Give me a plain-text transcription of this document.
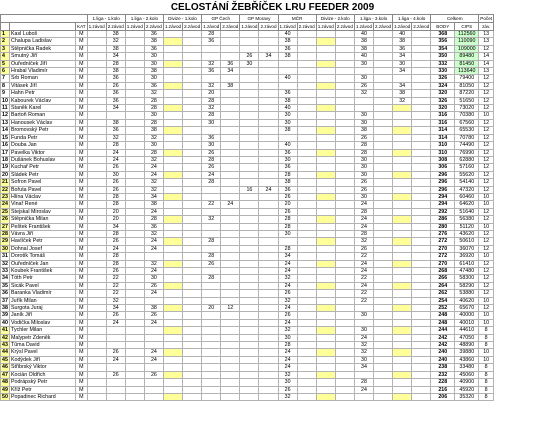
CELOSTÁNÍ ŽEBŘÍČEK LRU FEEDER 2009
			1.liga - 1.kolo		1.liga - 2.kolo		Divize - 1.kolo		GP Čech		GP Moravy		MČR		Divize - 2.kolo		1.liga - 3.kolo		1.liga - 4.kolo		Celkem		Počet
		KAT	1.závod	2.závod	1.závod	2.závod	1.závod	2.závod	1.závod	2.závod	1.závod	2.závod	1.závod	2.závod	1.závod	2.závod	1.závod	2.závod	1.závod	2.závod	BODY	CIPS	záv.
1	Kasl Luboš	M		38		36			28				40				40		40		368	112560	13
2	Chalupa Ladislav	M		32		38			36				38				38		38		356	110090	13
3	Štěpnička Radek	M		38		36							36				38		36		354	109000	12
4	Smutný Jiří	M		34		30					26	34	38				40		34		350	89480	14
5	Ouředníček Jiří	M		28		30			32	36	30						30		30		332	81450	14
6	Hrabal Vladimír	M		38		38			36	34									34		330	113640	13
7	Srb Roman	M		36		30							40				30				326	79400	12
8	Vitásek Jiří	M		26		36			32	38							26		34		324	81050	12
9	Hahn Petr	M		36		32			20				36				32		38		320	87220	12
10	Kabourek Václav	M		36		28			28				38						32		326	51650	12
11	Staněk Karel	M		34		28			32				40								320	73020	12
12	Bartoň Roman	M				30			28				30				30				316	70380	10
13	Hanousek Václav	M		38		28			30				30				30				316	67560	12
14	Bromovský Petr	M		36		38							38				38				314	65530	12
15	Funda Petr	M		32		32			36								26				314	70780	12
16	Douba Jan	M		28		30			30				40				28				310	74490	12
17	Pavelka Viktor	M		24		28			26				36				28				310	76990	12
18	Dušánek Bohuslav	M		24		32			28				30				30				308	62880	12
19	Kuchař Petr	M		26		24			26				36				30				306	57160	12
20	Sládek Petr	M		30		24			24				28				30				296	55620	12
21	Sofron Pavel	M		26		32			28				38				26				296	54140	12
22	Bořuta Pavel	M		26		32					16	24	36				26				296	47320	12
23	Hlína Václav	M		28		34							26				30				294	60460	10
24	Vinař René	M		28		38			22	24			20				24				294	64620	10
25	Stejskal Miroslav	M		20		24							26				28				292	51640	12
26	Štěpnička Milan	M		20		28			32				28				24				286	56380	12
27	Peštek František	M		34		36							28				24				280	51120	10
28	Vávra Jiří	M		28		32							30				28				276	43620	12
29	Havlíček Petr	M		26		24			28								32				272	50610	12
30	Dohnal Josef	M		24		24							28				26				270	36070	12
31	Dorotík Tomáš	M		28					28				34				22				272	36920	10
32	Ouředníček Jan	M		28		32			26				24				24				270	61410	12
33	Koubek František	M		26		24							24				24				268	47480	12
34	Tóth Petr	M		22		30			28				32				22				266	58300	12
35	Sicák Pavel	M		22		26							24				24				264	58290	12
36	Baranka Vladimír	M		22		24							26				22				262	53880	12
37	Juřík Milan	M		32									32				22				254	40620	10
38	Šurgota Juraj	M		34		38			20	12			24								252	65670	12
39	Janík Jiří	M		26		26							26				30				248	40000	10
40	Vodička Miloslav	M		24		24							24								248	40010	10
41	Tychler Milan	M											32				30				244	44610	8
42	Malypetr Zdeněk	M											30				24				242	47050	8
43	Tůma David	M											28				32				242	48890	8
44	Krýsl Pavel	M		26		24							24				32				240	39880	10
45	Kodýdek Jiří	M		24		24							24				30				240	43860	10
46	Střibrský Viktor	M											24				34				238	33480	8
47	Kocián Oldřich	M		26		26							32								232	45060	8
48	Podrápský Petr	M											30				28				228	40900	8
49	Kříž Petr	M											26				24				216	45920	8
50	Popadinec Richard	M											32								206	35320	8
